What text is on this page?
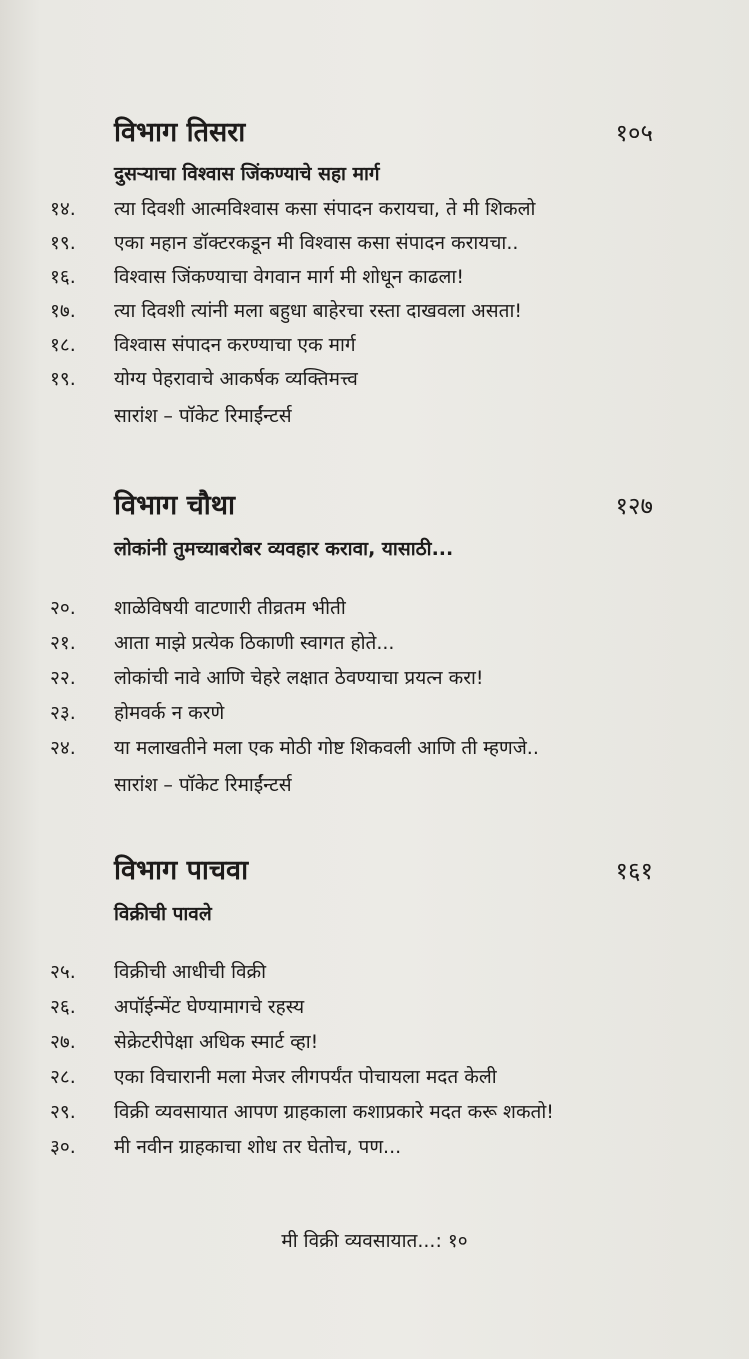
विभाग तिसरा	१०५
दुसऱ्याचा विश्वास जिंकण्याचे सहा मार्ग
१४. त्या दिवशी आत्मविश्वास कसा संपादन करायचा, ते मी शिकलो
१९. एका महान डॉक्टरकडून मी विश्वास कसा संपादन करायचा..
१६. विश्वास जिंकण्याचा वेगवान मार्ग मी शोधून काढला!
१७. त्या दिवशी त्यांनी मला बहुधा बाहेरचा रस्ता दाखवला असता!
१८. विश्वास संपादन करण्याचा एक मार्ग
१९. योग्य पेहरावाचे आकर्षक व्यक्तिमत्त्व
सारांश – पॉकेट रिमाईंन्टर्स
विभाग चौथा	१२७
लोकांनी तुमच्याबरोबर व्यवहार करावा, यासाठी...
२०. शाळेविषयी वाटणारी तीव्रतम भीती
२१. आता माझे प्रत्येक ठिकाणी स्वागत होते...
२२. लोकांची नावे आणि चेहरे लक्षात ठेवण्याचा प्रयत्न करा!
२३. होमवर्क न करणे
२४. या मलाखतीने मला एक मोठी गोष्ट शिकवली आणि ती म्हणजे..
सारांश – पॉकेट रिमाईंन्टर्स
विभाग पाचवा	१६१
विक्रीची पावले
२५. विक्रीची आधीची विक्री
२६. अपॉईन्मेंट घेण्यामागचे रहस्य
२७. सेक्रेटरीपेक्षा अधिक स्मार्ट व्हा!
२८. एका विचारानी मला मेजर लीगपर्यंत पोचायला मदत केली
२९. विक्री व्यवसायात आपण ग्राहकाला कशाप्रकारे मदत करू शकतो!
३०. मी नवीन ग्राहकाचा शोध तर घेतोच, पण...
मी विक्री व्यवसायात...: १०
